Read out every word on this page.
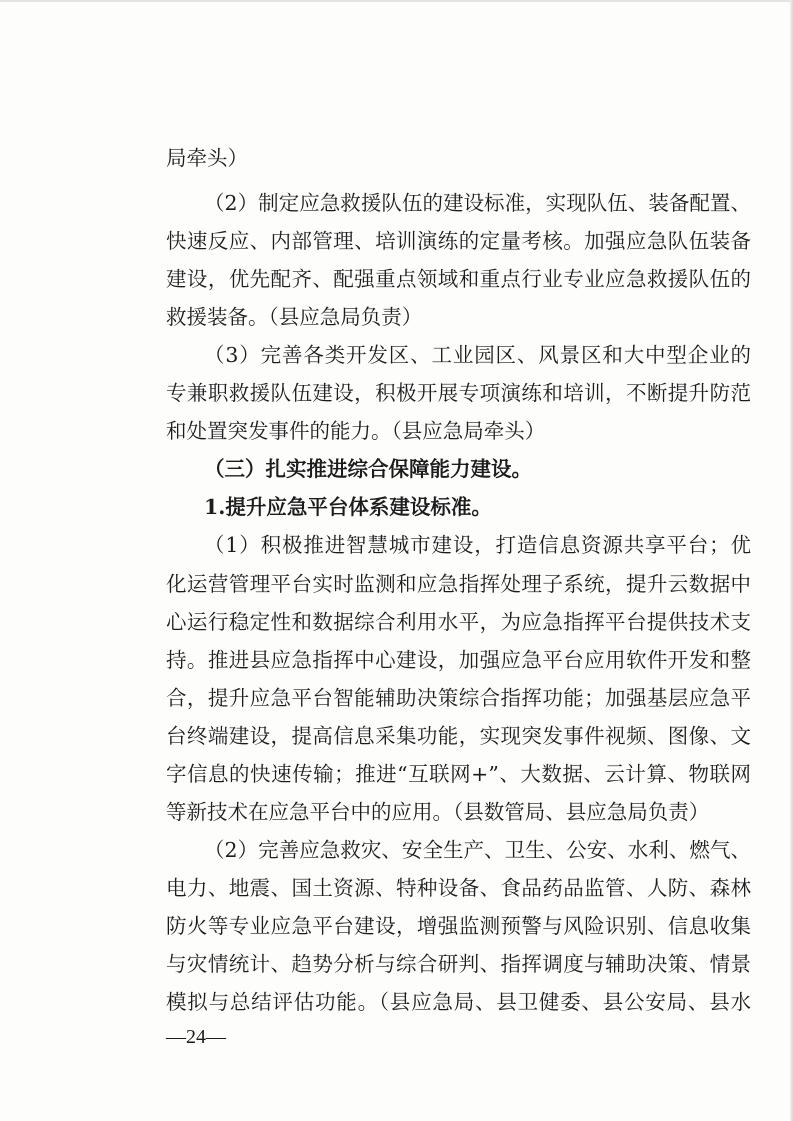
局牵头）
（2）制定应急救援队伍的建设标准，实现队伍、装备配置、
快速反应、内部管理、培训演练的定量考核。加强应急队伍装备
建设，优先配齐、配强重点领域和重点行业专业应急救援队伍的
救援装备。（县应急局负责）
（3）完善各类开发区、工业园区、风景区和大中型企业的
专兼职救援队伍建设，积极开展专项演练和培训，不断提升防范
和处置突发事件的能力。（县应急局牵头）
（三）扎实推进综合保障能力建设。
1.提升应急平台体系建设标准。
（1）积极推进智慧城市建设，打造信息资源共享平台；优
化运营管理平台实时监测和应急指挥处理子系统，提升云数据中
心运行稳定性和数据综合利用水平，为应急指挥平台提供技术支
持。推进县应急指挥中心建设，加强应急平台应用软件开发和整
合，提升应急平台智能辅助决策综合指挥功能；加强基层应急平
台终端建设，提高信息采集功能，实现突发事件视频、图像、文
字信息的快速传输；推进“互联网+”、大数据、云计算、物联网
等新技术在应急平台中的应用。（县数管局、县应急局负责）
（2）完善应急救灾、安全生产、卫生、公安、水利、燃气、
电力、地震、国土资源、特种设备、食品药品监管、人防、森林
防火等专业应急平台建设，增强监测预警与风险识别、信息收集
与灾情统计、趋势分析与综合研判、指挥调度与辅助决策、情景
模拟与总结评估功能。（县应急局、县卫健委、县公安局、县水
—24—
